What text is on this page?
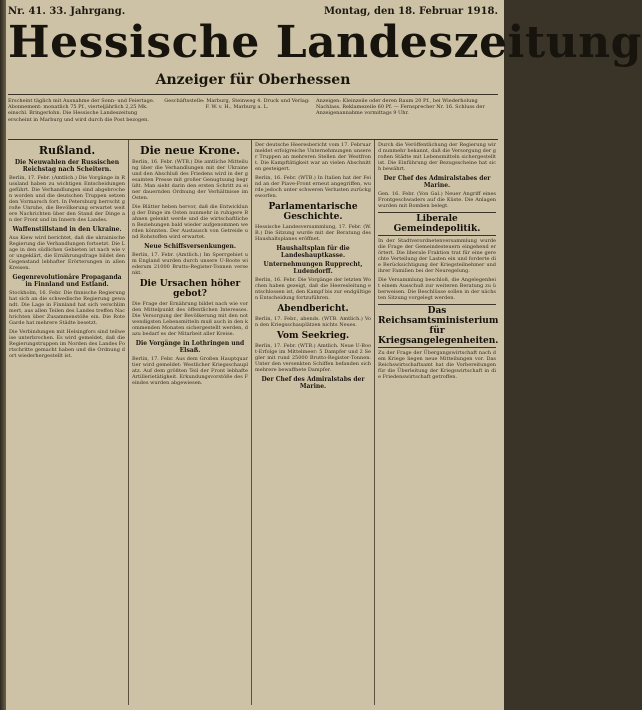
Nr. 41. 33. Jahrgang.	Montag, den 18. Februar 1918.
Hessische Landeszeitung
Anzeiger für Oberhessen
Erscheint täglich mit Ausnahme der Sonn- und Feiertage. Abonnement: monatlich 75 Pf., vierteljährlich 2,25 Mk. einschl. Bringerlohn. Die Hessische Landeszeitung erscheint in Marburg und wird durch die Post bezogen.
Geschäftsstelle: Marburg, Steinweg 4. Druck und Verlag: F. W. v. H., Marburg a. L.
Anzeigen: Kleinzeile oder deren Raum 20 Pf., bei Wiederholung Nachlass. Reklamezeile 60 Pf. — Fernsprecher Nr. 16. Schluss der Anzeigenannahme vormittags 9 Uhr.
Rußland.
Die Neuwahlen der Russischen Reichstag nach Scheitern.
Berlin, 17. Febr. (Amtlich.) Die Vorgänge in Russland haben zu wichtigen Entscheidungen geführt. Die Verhandlungen sind abgebrochen worden und die deutschen Truppen setzen den Vormarsch fort. In Petersburg herrscht große Unruhe, die Bevölkerung erwartet weitere Nachrichten über den Stand der Dinge an der Front und im Innern des Landes.
Waffenstillstand in den Ukraine.
Aus Kiew wird berichtet, daß die ukrainische Regierung die Verhandlungen fortsetzt. Die Lage in den südlichen Gebieten ist nach wie vor ungeklärt, die Ernährungsfrage bildet den Gegenstand lebhafter Erörterungen in allen Kreisen.
Gegenrevolutionäre Propaganda in Finnland und Estland.
Stockholm, 16. Febr. Die finnische Regierung hat sich an die schwedische Regierung gewandt. Die Lage in Finnland hat sich verschlimmert, aus allen Teilen des Landes treffen Nachrichten über Zusammenstöße ein. Die Rote Garde hat mehrere Städte besetzt.
Die Verbindungen mit Helsingfors sind teilweise unterbrochen. Es wird gemeldet, daß die Regierungstruppen im Norden des Landes Fortschritte gemacht haben und die Ordnung dort wiederhergestellt ist.
Die neue Krone.
Berlin, 16. Febr. (WTB.) Die amtliche Mitteilung über die Verhandlungen mit der Ukraine und den Abschluß des Friedens wird in der gesamten Presse mit großer Genugtuung begrüßt. Man sieht darin den ersten Schritt zu einer dauernden Ordnung der Verhältnisse im Osten.
Die Blätter heben hervor, daß die Entwicklung der Dinge im Osten nunmehr in ruhigere Bahnen gelenkt werde und die wirtschaftlichen Beziehungen bald wieder aufgenommen werden könnten. Der Austausch von Getreide und Rohstoffen wird erwartet.
Neue Schiffsversenkungen.
Berlin, 17. Febr. (Amtlich.) Im Sperrgebiet um England wurden durch unsere U-Boote wiederum 21000 Brutto-Register-Tonnen versenkt.
Die Ursachen höher gebot?
Die Frage der Ernährung bildet nach wie vor den Mittelpunkt des öffentlichen Interesses. Die Versorgung der Bevölkerung mit den notwendigsten Lebensmitteln muß auch in den kommenden Monaten sichergestellt werden, dazu bedarf es der Mitarbeit aller Kreise.
Die Vorgänge in Lothringen und Elsaß.
Berlin, 17. Febr. Aus dem Großen Hauptquartier wird gemeldet: Westlicher Kriegsschauplatz. Auf dem größten Teil der Front lebhafte Artillerietätigkeit. Erkundungsvorstöße des Feindes wurden abgewiesen.
Der deutsche Heeresbericht vom 17. Februar meldet erfolgreiche Unternehmungen unserer Truppen an mehreren Stellen der Westfront. Die Kampftätigkeit war an vielen Abschnitten gesteigert.
Berlin, 16. Febr. (WTB.) In Italien hat der Feind an der Piave-Front erneut angegriffen, wurde jedoch unter schweren Verlusten zurückgeworfen.
Parlamentarische Geschichte.
Hessische Landesversammlung, 17. Febr. (W.B.) Die Sitzung wurde mit der Beratung des Haushaltsplanes eröffnet.
Haushaltsplan für die Landeshauptkasse.
Unternehmungen Rupprecht, Ludendorff.
Berlin, 16. Febr. Die Vorgänge der letzten Wochen haben gezeigt, daß die Heeresleitung entschlossen ist, den Kampf bis zur endgültigen Entscheidung fortzuführen.
Abendbericht.
Berlin, 17. Febr., abends. (WTB. Amtlich.) Von den Kriegsschauplätzen nichts Neues.
Vom Seekrieg.
Berlin, 17. Febr. (WTB.) Amtlich. Neue U-Boot-Erfolge im Mittelmeer: 5 Dampfer und 2 Segler mit rund 25000 Brutto-Register-Tonnen. Unter den versenkten Schiffen befanden sich mehrere bewaffnete Dampfer.
Der Chef des Admiralstabs der Marine.
Durch die Veröffentlichung der Regierung wird nunmehr bekannt, daß die Versorgung der großen Städte mit Lebensmitteln sichergestellt ist. Die Einführung der Bezugsscheine hat sich bewährt.
Der Chef des Admiralstabes der Marine.
Gen. 16. Febr. (Von Gal.) Neuer Angriff eines Frontgeschwaders auf die Küste. Die Anlagen wurden mit Bomben belegt.
Liberale Gemeindepolitik.
In der Stadtverordnetenversammlung wurde die Frage der Gemeindesteuern eingehend erörtert. Die liberale Fraktion trat für eine gerechte Verteilung der Lasten ein und forderte die Berücksichtigung der Kriegsteilnehmer und ihrer Familien bei der Neuregelung.
Die Versammlung beschloß, die Angelegenheit einem Ausschuß zur weiteren Beratung zu überweisen. Die Beschlüsse sollen in der nächsten Sitzung vorgelegt werden.
Das Reichsamtsministerium für Kriegsangelegenheiten.
Zu der Frage der Übergangswirtschaft nach dem Kriege liegen neue Mitteilungen vor. Das Reichswirtschaftsamt hat die Vorbereitungen für die Überleitung der Kriegswirtschaft in die Friedenswirtschaft getroffen.
